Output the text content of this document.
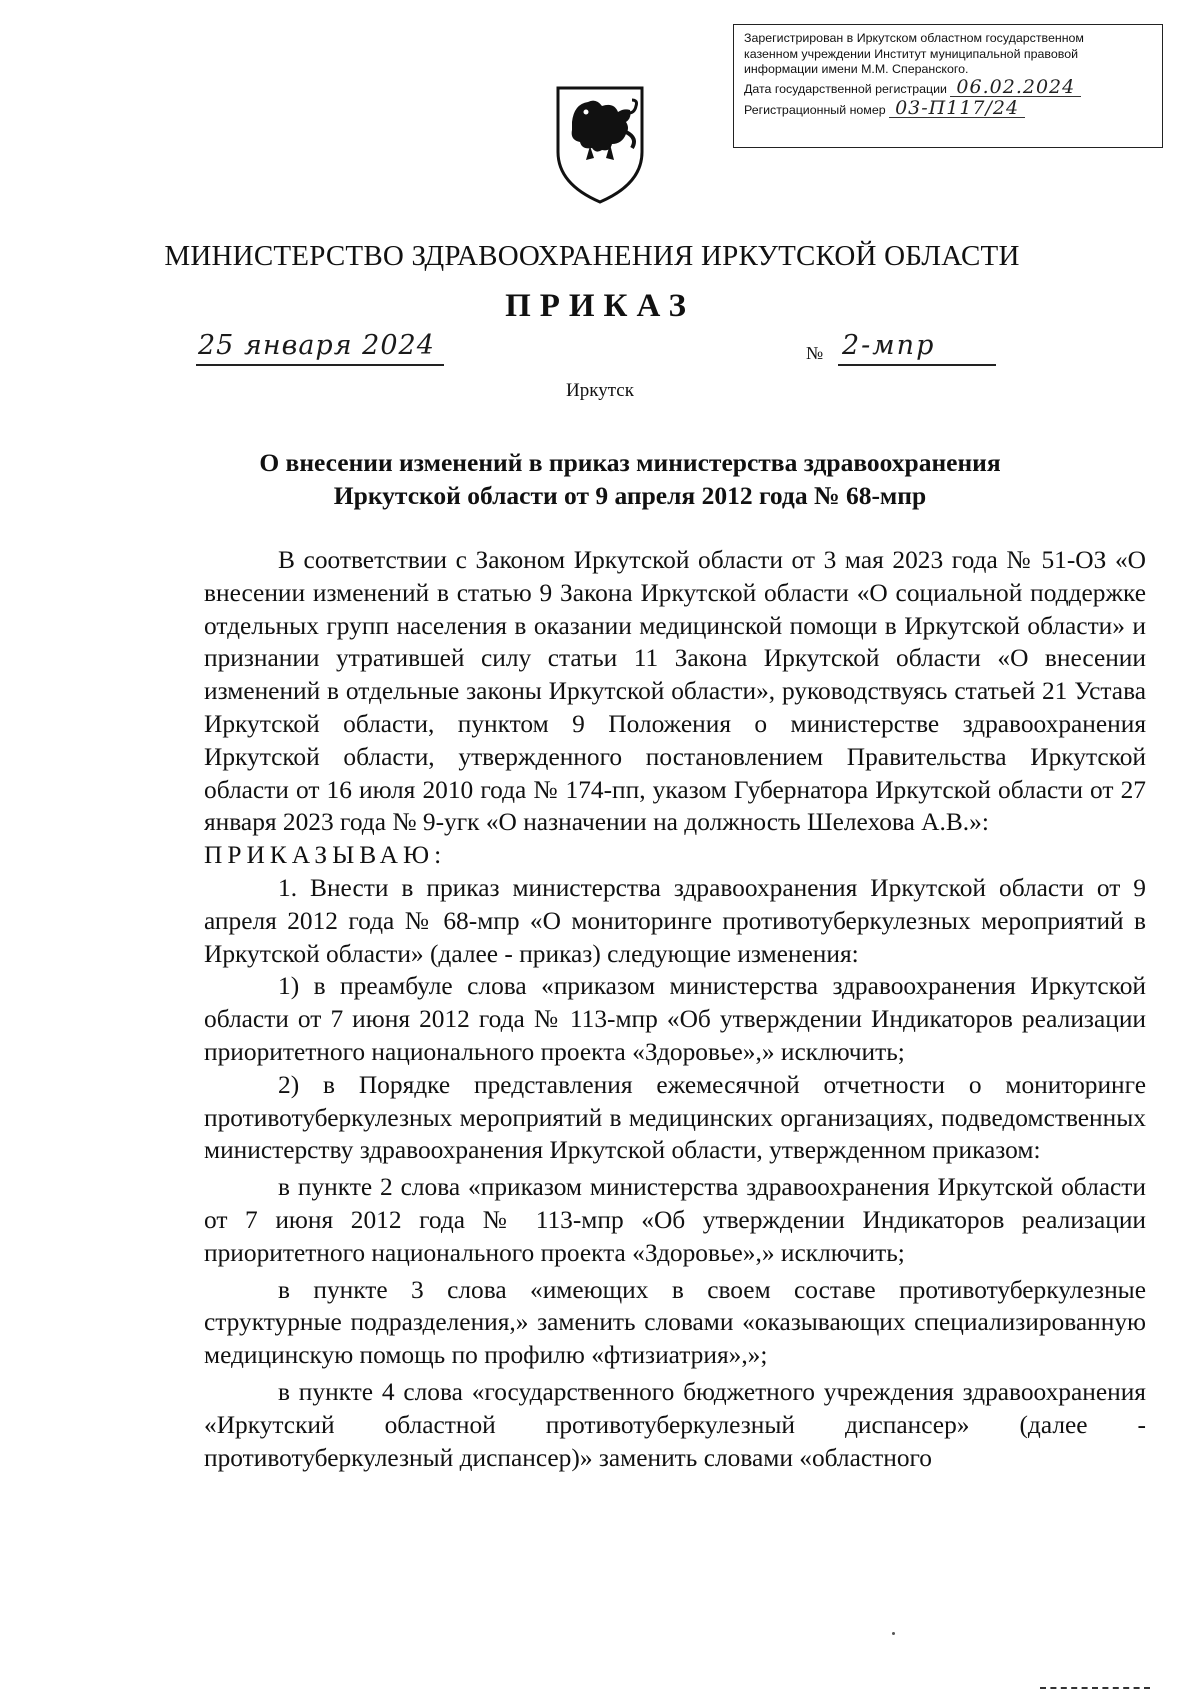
Зарегистрирован в Иркутском областном государственном
казенном учреждении Институт муниципальной правовой
информации имени М.М. Сперанского.
Дата государственной регистрации 06.02.2024
Регистрационный номер 03-П117/24
МИНИСТЕРСТВО ЗДРАВООХРАНЕНИЯ ИРКУТСКОЙ ОБЛАСТИ
ПРИКАЗ
25 января 2024	№ 2-мпр
Иркутск
О внесении изменений в приказ министерства здравоохранения
Иркутской области от 9 апреля 2012 года № 68-мпр

В соответствии с Законом Иркутской области от 3 мая 2023 года № 51-ОЗ «О внесении изменений в статью 9 Закона Иркутской области «О социальной поддержке отдельных групп населения в оказании медицинской помощи в Иркутской области» и признании утратившей силу статьи 11 Закона Иркутской области «О внесении изменений в отдельные законы Иркутской области», руководствуясь статьей 21 Устава Иркутской области, пунктом 9 Положения о министерстве здравоохранения Иркутской области, утвержденного постановлением Правительства Иркутской области от 16 июля 2010 года № 174-пп, указом Губернатора Иркутской области от 27 января 2023 года № 9-угк «О назначении на должность Шелехова А.В.»:

ПРИКАЗЫВАЮ:

1. Внести в приказ министерства здравоохранения Иркутской области от 9 апреля 2012 года № 68-мпр «О мониторинге противотуберкулезных мероприятий в Иркутской области» (далее - приказ) следующие изменения:

1) в преамбуле слова «приказом министерства здравоохранения Иркутской области от 7 июня 2012 года № 113-мпр «Об утверждении Индикаторов реализации приоритетного национального проекта «Здоровье»,» исключить;

2) в Порядке представления ежемесячной отчетности о мониторинге противотуберкулезных мероприятий в медицинских организациях, подведомственных министерству здравоохранения Иркутской области, утвержденном приказом:

в пункте 2 слова «приказом министерства здравоохранения Иркутской области от 7 июня 2012 года № 113-мпр «Об утверждении Индикаторов реализации приоритетного национального проекта «Здоровье»,» исключить;

в пункте 3 слова «имеющих в своем составе противотуберкулезные структурные подразделения,» заменить словами «оказывающих специализированную медицинскую помощь по профилю «фтизиатрия»,»;

в пункте 4 слова «государственного бюджетного учреждения здравоохранения «Иркутский областной противотуберкулезный диспансер» (далее - противотуберкулезный диспансер)» заменить словами «областного
